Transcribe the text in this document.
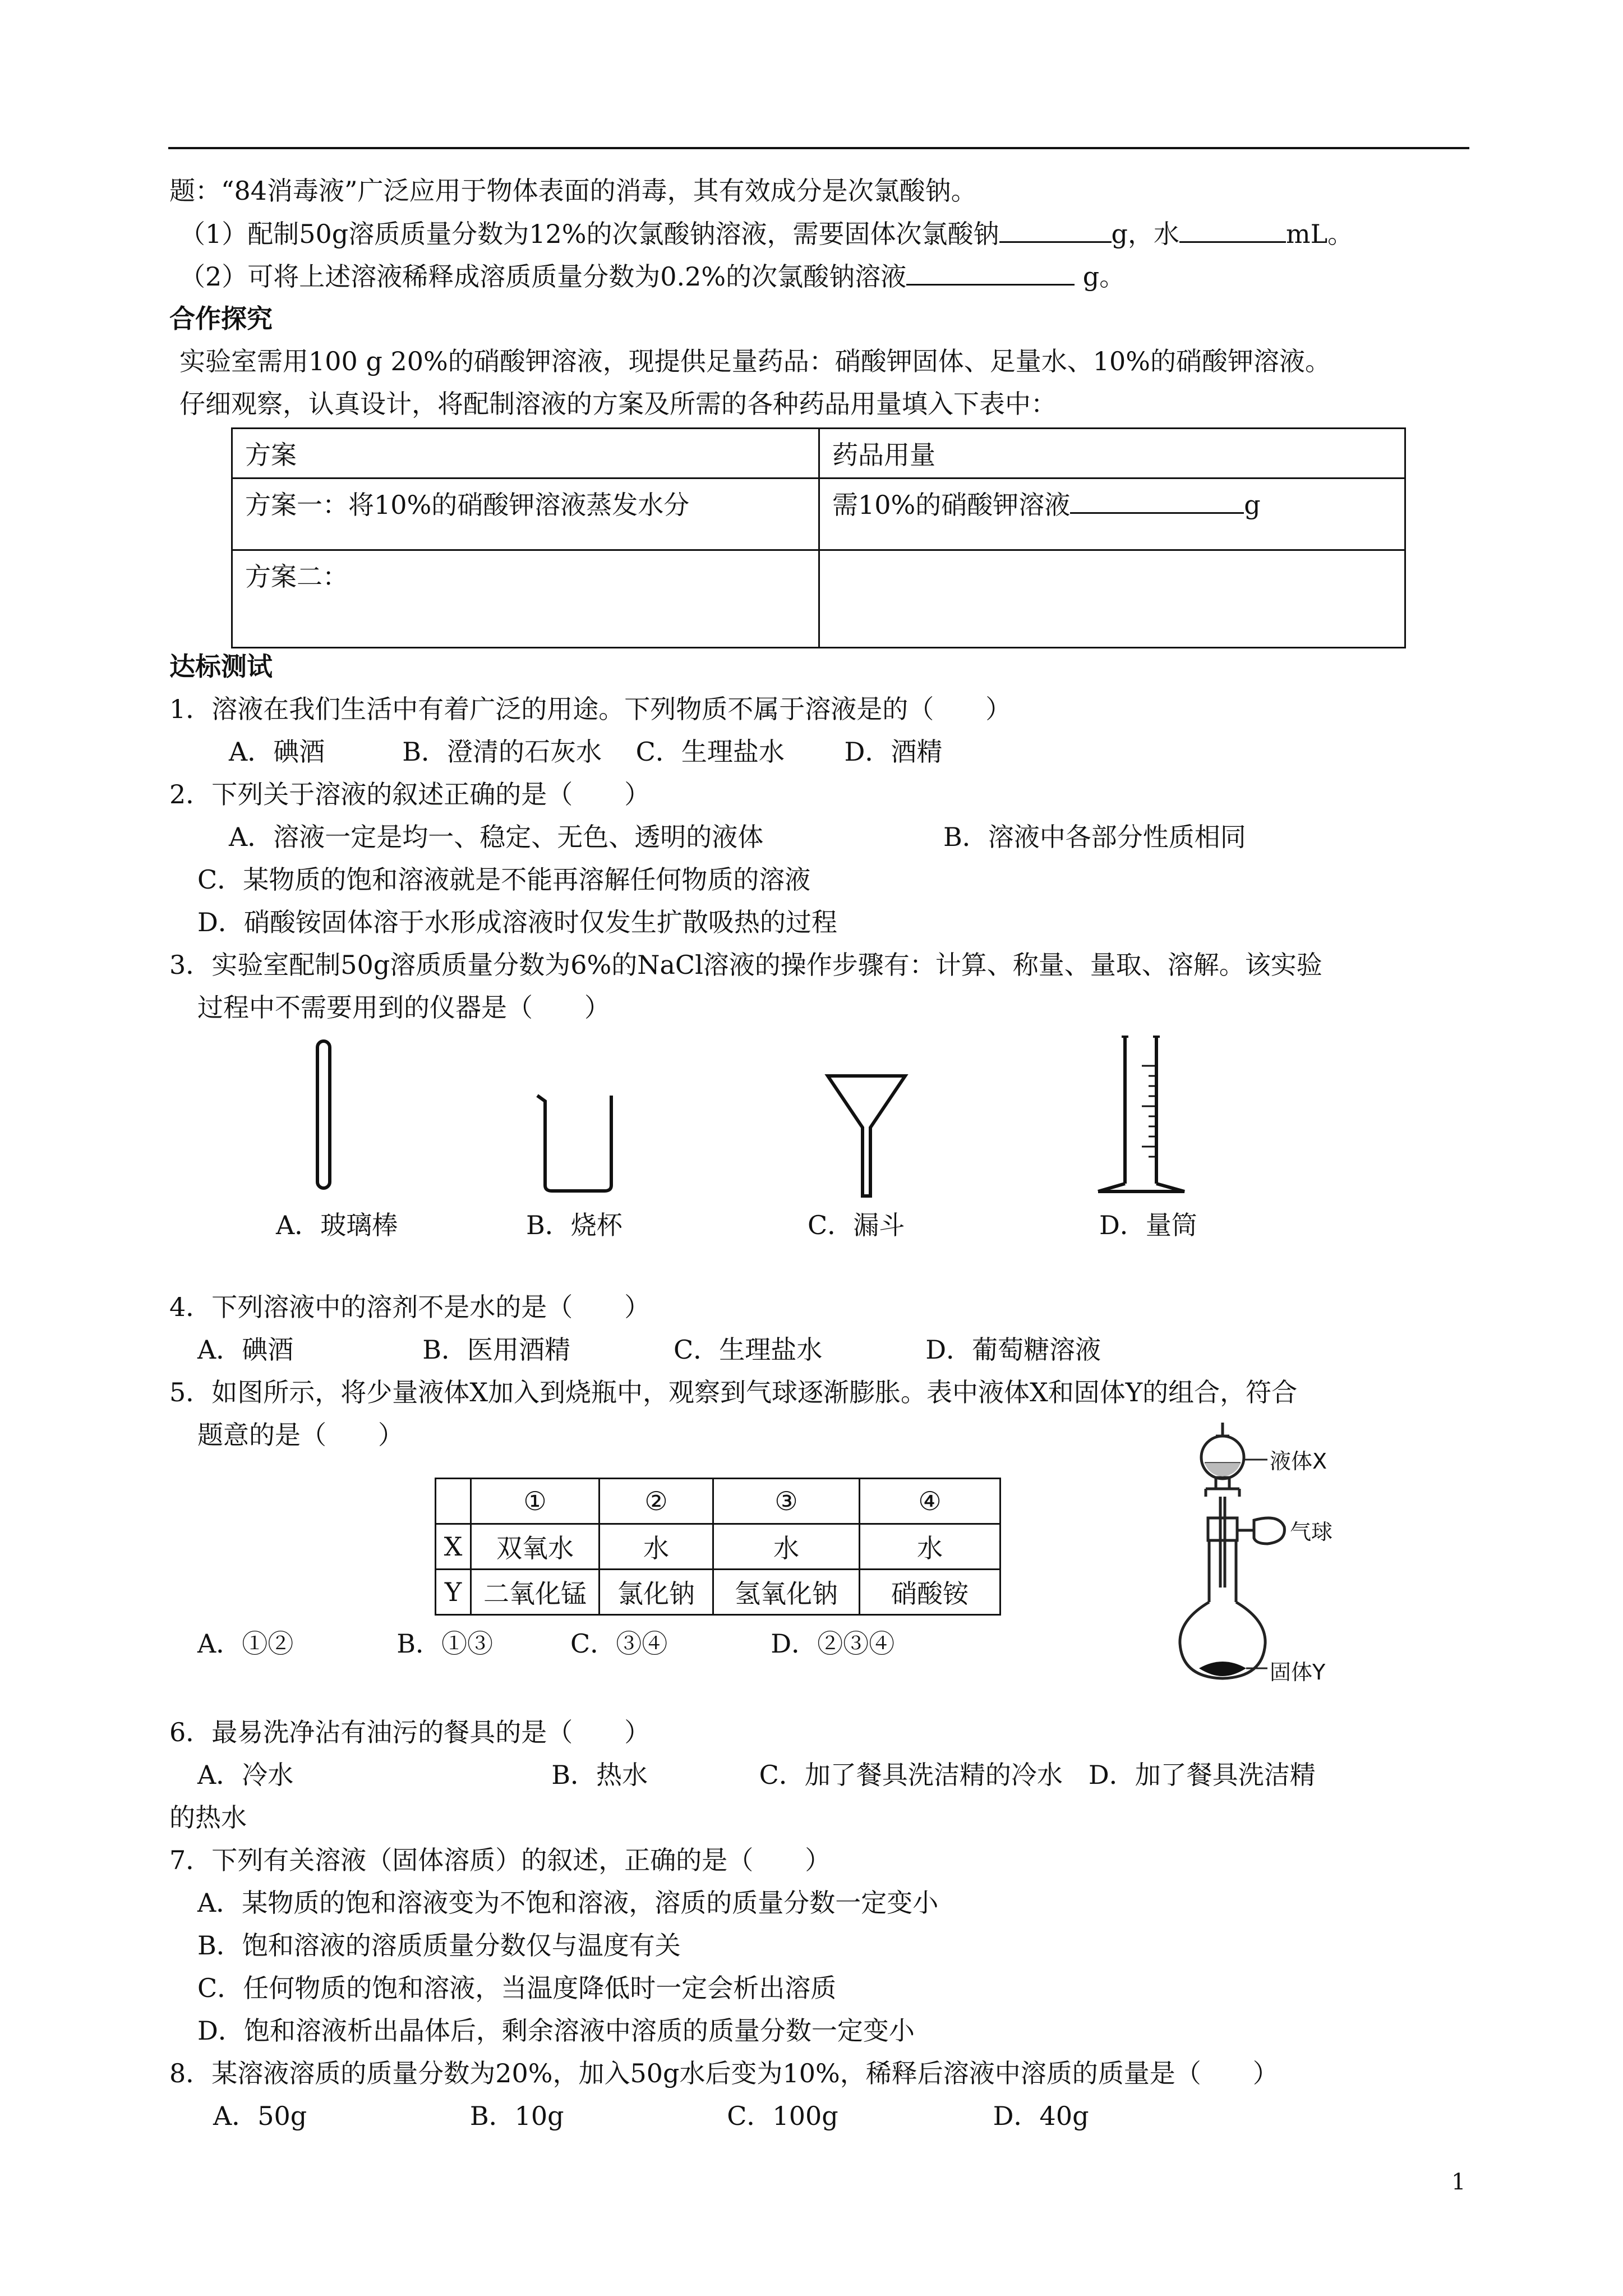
题：“84消毒液”广泛应用于物体表面的消毒，其有效成分是次氯酸钠。
（1）配制50g溶质质量分数为12%的次氯酸钠溶液，需要固体次氯酸钠	g，水	mL。
（2）可将上述溶液稀释成溶质质量分数为0.2%的次氯酸钠溶液	g。
合作探究
实验室需用100 g 20%的硝酸钾溶液，现提供足量药品：硝酸钾固体、足量水、10%的硝酸钾溶液。
仔细观察，认真设计，将配制溶液的方案及所需的各种药品用量填入下表中：
方案	药品用量
方案一：将10%的硝酸钾溶液蒸发水分	需10%的硝酸钾溶液 g
方案二：	
达标测试
1．溶液在我们生活中有着广泛的用途。下列物质不属于溶液是的（　　）
A．碘酒　　　B．澄清的石灰水　 C．生理盐水　　 D．酒精
2．下列关于溶液的叙述正确的是（　　）
A．溶液一定是均一、稳定、无色、透明的液体	B．溶液中各部分性质相同
C．某物质的饱和溶液就是不能再溶解任何物质的溶液
D．硝酸铵固体溶于水形成溶液时仅发生扩散吸热的过程
3．实验室配制50g溶质质量分数为6%的NaCl溶液的操作步骤有：计算、称量、量取、溶解。该实验
过程中不需要用到的仪器是（　　）
A．玻璃棒	B．烧杯	C．漏斗	D．量筒
4．下列溶液中的溶剂不是水的是（　　）
A．碘酒　　　　　B．医用酒精　　　　C．生理盐水　　　　D．葡萄糖溶液
5．如图所示，将少量液体X加入到烧瓶中，观察到气球逐渐膨胀。表中液体X和固体Y的组合，符合
题意的是（　　）
	①	②	③	④
X	双氧水	水	水	水
Y	二氧化锰	氯化钠	氢氧化钠	硝酸铵
液体X
气球
固体Y
A．①②　　　　B．①③　　　C．③④　　　　D．②③④
6．最易洗净沾有油污的餐具的是（　　）
A．冷水　　　　　　　　　　B．热水　　　　 C．加了餐具洗洁精的冷水　D．加了餐具洗洁精
的热水
7．下列有关溶液（固体溶质）的叙述，正确的是（　　）
A．某物质的饱和溶液变为不饱和溶液，溶质的质量分数一定变小
B．饱和溶液的溶质质量分数仅与温度有关
C．任何物质的饱和溶液，当温度降低时一定会析出溶质
D．饱和溶液析出晶体后，剩余溶液中溶质的质量分数一定变小
8．某溶液溶质的质量分数为20%，加入50g水后变为10%，稀释后溶液中溶质的质量是（　　）
A．50g　　　　　　 B．10g　　　　　　 C．100g　　　　　　D．40g
1
